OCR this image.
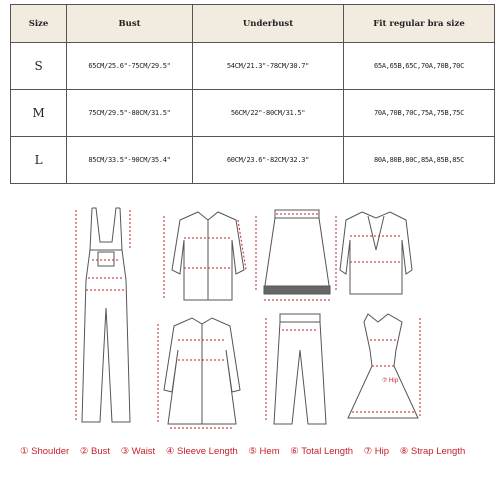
Size	Bust	Underbust	Fit regular bra size
S	65CM/25.6"-75CM/29.5"	54CM/21.3"-78CM/30.7"	65A,65B,65C,70A,70B,70C
M	75CM/29.5"-80CM/31.5"	56CM/22"-80CM/31.5"	70A,70B,70C,75A,75B,75C
L	85CM/33.5"-90CM/35.4"	60CM/23.6"-82CM/32.3"	80A,80B,80C,85A,85B,85C
⑦ Hip
① Shoulder ② Bust ③ Waist ④ Sleeve Length ⑤ Hem ⑥ Total Length ⑦ Hip ⑧ Strap Length
